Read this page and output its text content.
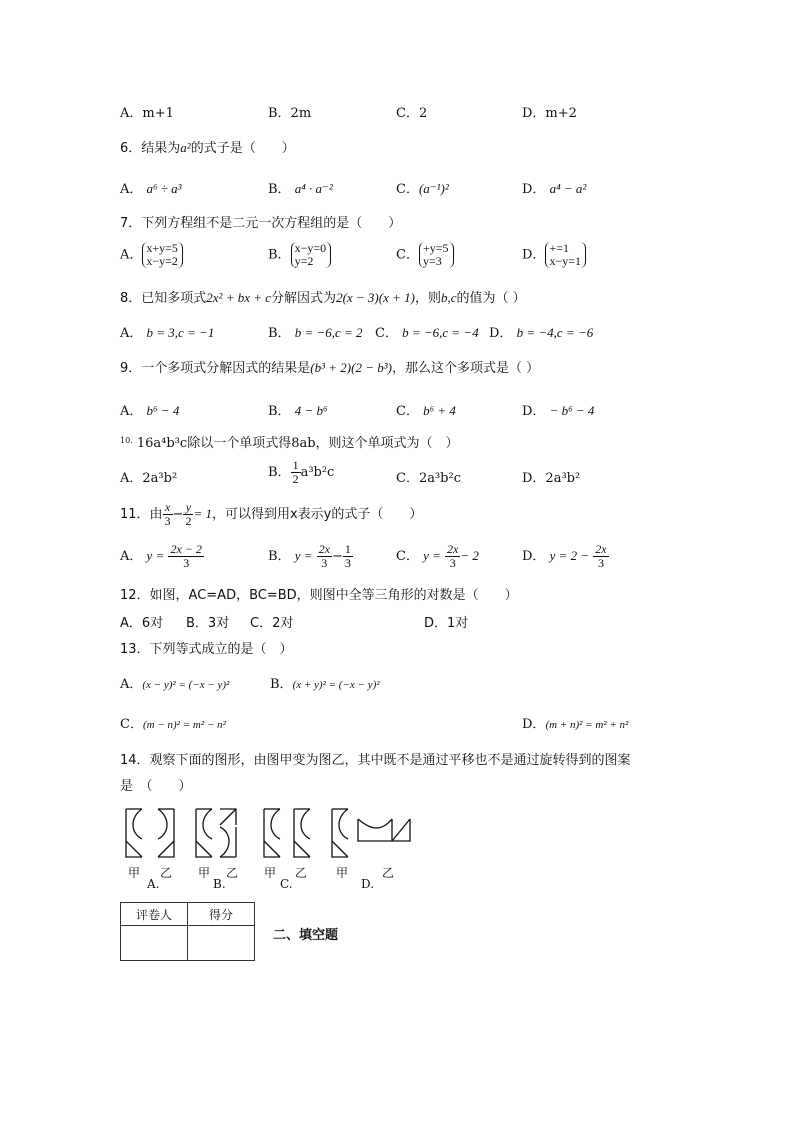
A．m+1	B．2m	C．2	D．m+2
6．结果为a²的式子是（　　）
A． a⁶ ÷ a³	B． a⁴ · a⁻²	C．(a⁻¹)²	D． a⁴ − a²
7．下列方程组不是二元一次方程组的是（　　）
A． x+y=5
x−y=2	B． x−y=0
y=2	C． +y=5
y=3	D． +=1
x−y=1
8．已知多项式2x² + bx + c分解因式为2(x − 3)(x + 1)，则b,c的值为（ ）
A． b = 3,c = −1	B． b = −6,c = 2 C． b = −6,c = −4 D． b = −4,c = −6
9．一个多项式分解因式的结果是(b³ + 2)(2 − b³)，那么这个多项式是（ ）
A． b⁶ − 4	B． 4 − b⁶	C． b⁶ + 4	D． − b⁶ − 4
$^{10.}$ 16a⁴b³c除以一个单项式得8ab，则这个单项式为（　）
A．2a³b²	B． $\frac{1}{2} a^3b^2c$	C．2a³b²c	D．2a³b²
11．由 $\frac{x}{3} - \frac{y}{2} = 1$，可以得到用x表示y的式子（　　）
A． $y = \frac{2x - 2}{3}$	B． $y = \frac{2x}{3} - \frac{1}{3}$	C． $y = \frac{2x}{3} - 2$	D． $y = 2 - \frac{2x}{3}$
12．如图，AC=AD，BC=BD，则图中全等三角形的对数是（　　）
A．6对 B．3对 C．2对	D．1对
13．下列等式成立的是（　）
A．(x − y)² = (−x − y)²	B．(x + y)² = (−x − y)²
C．(m − n)² = m² − n²	D．(m + n)² = m² + n²
14．观察下面的图形，由图甲变为图乙，其中既不是通过平移也不是通过旋转得到的图案
是　（　　）
甲 乙 甲 乙 甲 乙 甲	乙
A.	B.	C.	D.
评卷人	得分

二、填空题
